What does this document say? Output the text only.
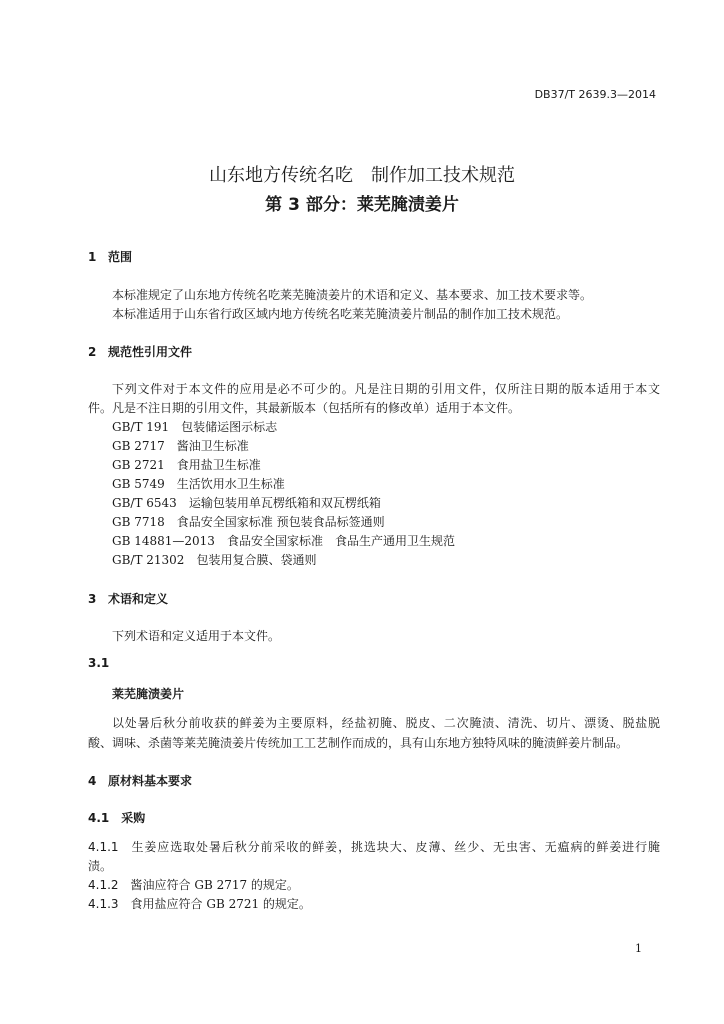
DB37/T 2639.3—2014
山东地方传统名吃　制作加工技术规范
第 3 部分：莱芜腌渍姜片
1 范围
本标准规定了山东地方传统名吃莱芜腌渍姜片的术语和定义、基本要求、加工技术要求等。
本标准适用于山东省行政区域内地方传统名吃莱芜腌渍姜片制品的制作加工技术规范。
2 规范性引用文件
下列文件对于本文件的应用是必不可少的。凡是注日期的引用文件，仅所注日期的版本适用于本文
件。凡是不注日期的引用文件，其最新版本（包括所有的修改单）适用于本文件。
GB/T 191 包装储运图示标志
GB 2717 酱油卫生标准
GB 2721 食用盐卫生标准
GB 5749 生活饮用水卫生标准
GB/T 6543 运输包装用单瓦楞纸箱和双瓦楞纸箱
GB 7718 食品安全国家标准 预包装食品标签通则
GB 14881—2013 食品安全国家标准　食品生产通用卫生规范
GB/T 21302 包装用复合膜、袋通则
3 术语和定义
下列术语和定义适用于本文件。
3.1
莱芜腌渍姜片
以处暑后秋分前收获的鲜姜为主要原料，经盐初腌、脱皮、二次腌渍、清洗、切片、漂烫、脱盐脱
酸、调味、杀菌等莱芜腌渍姜片传统加工工艺制作而成的，具有山东地方独特风味的腌渍鲜姜片制品。
4 原材料基本要求
4.1 采购
4.1.1 生姜应选取处暑后秋分前采收的鲜姜，挑选块大、皮薄、丝少、无虫害、无瘟病的鲜姜进行腌
渍。
4.1.2 酱油应符合 GB 2717 的规定。
4.1.3 食用盐应符合 GB 2721 的规定。
1
